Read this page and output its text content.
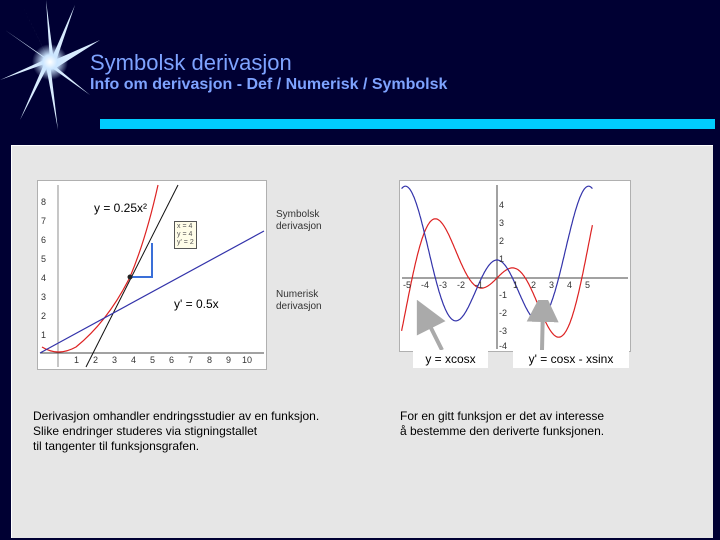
Symbolsk derivasjon
Info om derivasjon - Def / Numerisk / Symbolsk
8
7
6
5
4
3
2
1
1 2 3 4 5 6 7 8 9 10
y = 0.25x²
y' = 0.5x
x = 4
y = 4
y' = 2
Symbolsk
derivasjon
Numerisk
derivasjon
4
3
2
1
-1
-2
-3
-4
-5 -4 -3 -2 -1	1 2 3 4 5
y = xcosx	y' = cosx - xsinx
Derivasjon omhandler endringsstudier av en funksjon.
Slike endringer studeres via stigningstallet
til tangenter til funksjonsgrafen.
For en gitt funksjon er det av interesse
å bestemme den deriverte funksjonen.
